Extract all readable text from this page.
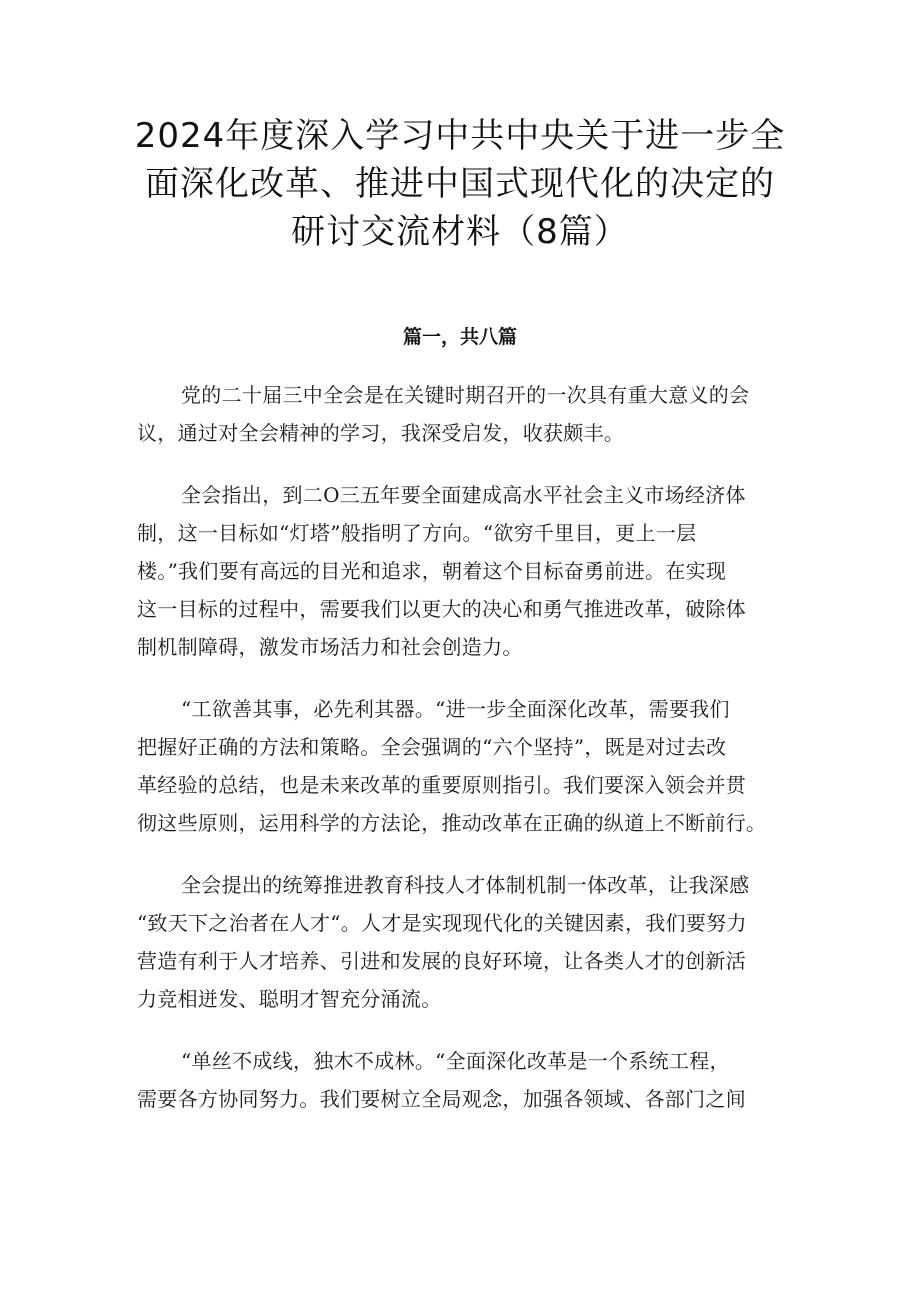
2024年度深入学习中共中央关于进一步全
面深化改革、推进中国式现代化的决定的
研讨交流材料（8篇）
篇一，共八篇

党的二十届三中全会是在关键时期召开的一次具有重大意义的会
议，通过对全会精神的学习，我深受启发，收获颇丰。

全会指出，到二O三五年要全面建成高水平社会主义市场经济体
制，这一目标如“灯塔”般指明了方向。“欲穷千里目，更上一层
楼。”我们要有高远的目光和追求，朝着这个目标奋勇前进。在实现
这一目标的过程中，需要我们以更大的决心和勇气推进改革，破除体
制机制障碍，激发市场活力和社会创造力。

“工欲善其事，必先利其器。“进一步全面深化改革，需要我们
把握好正确的方法和策略。全会强调的“六个坚持”，既是对过去改
革经验的总结，也是未来改革的重要原则指引。我们要深入领会并贯
彻这些原则，运用科学的方法论，推动改革在正确的纵道上不断前行。

全会提出的统筹推进教育科技人才体制机制一体改革，让我深感
“致天下之治者在人才“。人才是实现现代化的关键因素，我们要努力
营造有利于人才培养、引进和发展的良好环境，让各类人才的创新活
力竞相迸发、聪明才智充分涌流。

“单丝不成线，独木不成林。“全面深化改革是一个系统工程，
需要各方协同努力。我们要树立全局观念，加强各领域、各部门之间
